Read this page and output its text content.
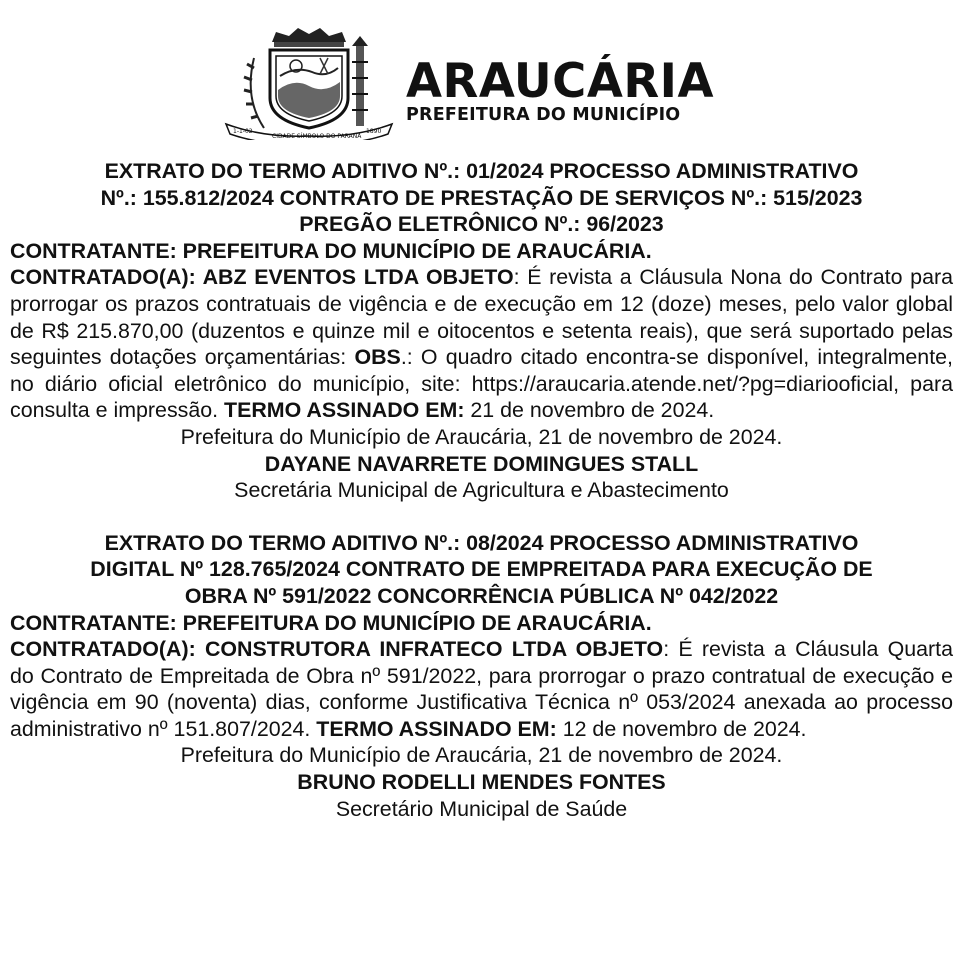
1-1-02
CIDADE SÍMBOLO DO PARANÁ
1890
ARAUCÁRIA
PREFEITURA DO MUNICÍPIO
EXTRATO DO TERMO ADITIVO Nº.: 01/2024 PROCESSO ADMINISTRATIVO
Nº.: 155.812/2024 CONTRATO DE PRESTAÇÃO DE SERVIÇOS Nº.: 515/2023
PREGÃO ELETRÔNICO Nº.: 96/2023
CONTRATANTE: PREFEITURA DO MUNICÍPIO DE ARAUCÁRIA.
CONTRATADO(A): ABZ EVENTOS LTDA OBJETO: É revista a Cláusula Nona do Contrato para prorrogar os prazos contratuais de vigência e de execução em 12 (doze) meses, pelo valor global de R$ 215.870,00 (duzentos e quinze mil e oitocentos e setenta reais), que será suportado pelas seguintes dotações orçamentárias: OBS.: O quadro citado encontra-se disponível, integralmente, no diário oficial eletrônico do município, site: https://araucaria.atende.net/?pg=diariooficial, para consulta e impressão. TERMO ASSINADO EM: 21 de novembro de 2024.
Prefeitura do Município de Araucária, 21 de novembro de 2024.
DAYANE NAVARRETE DOMINGUES STALL
Secretária Municipal de Agricultura e Abastecimento
EXTRATO DO TERMO ADITIVO Nº.: 08/2024 PROCESSO ADMINISTRATIVO
DIGITAL Nº 128.765/2024 CONTRATO DE EMPREITADA PARA EXECUÇÃO DE
OBRA Nº 591/2022 CONCORRÊNCIA PÚBLICA Nº 042/2022
CONTRATANTE: PREFEITURA DO MUNICÍPIO DE ARAUCÁRIA.
CONTRATADO(A): CONSTRUTORA INFRATECO LTDA OBJETO: É revista a Cláusula Quarta do Contrato de Empreitada de Obra nº 591/2022, para prorrogar o prazo contratual de execução e vigência em 90 (noventa) dias, conforme Justificativa Técnica nº 053/2024 anexada ao processo administrativo nº 151.807/2024. TERMO ASSINADO EM: 12 de novembro de 2024.
Prefeitura do Município de Araucária, 21 de novembro de 2024.
BRUNO RODELLI MENDES FONTES
Secretário Municipal de Saúde
